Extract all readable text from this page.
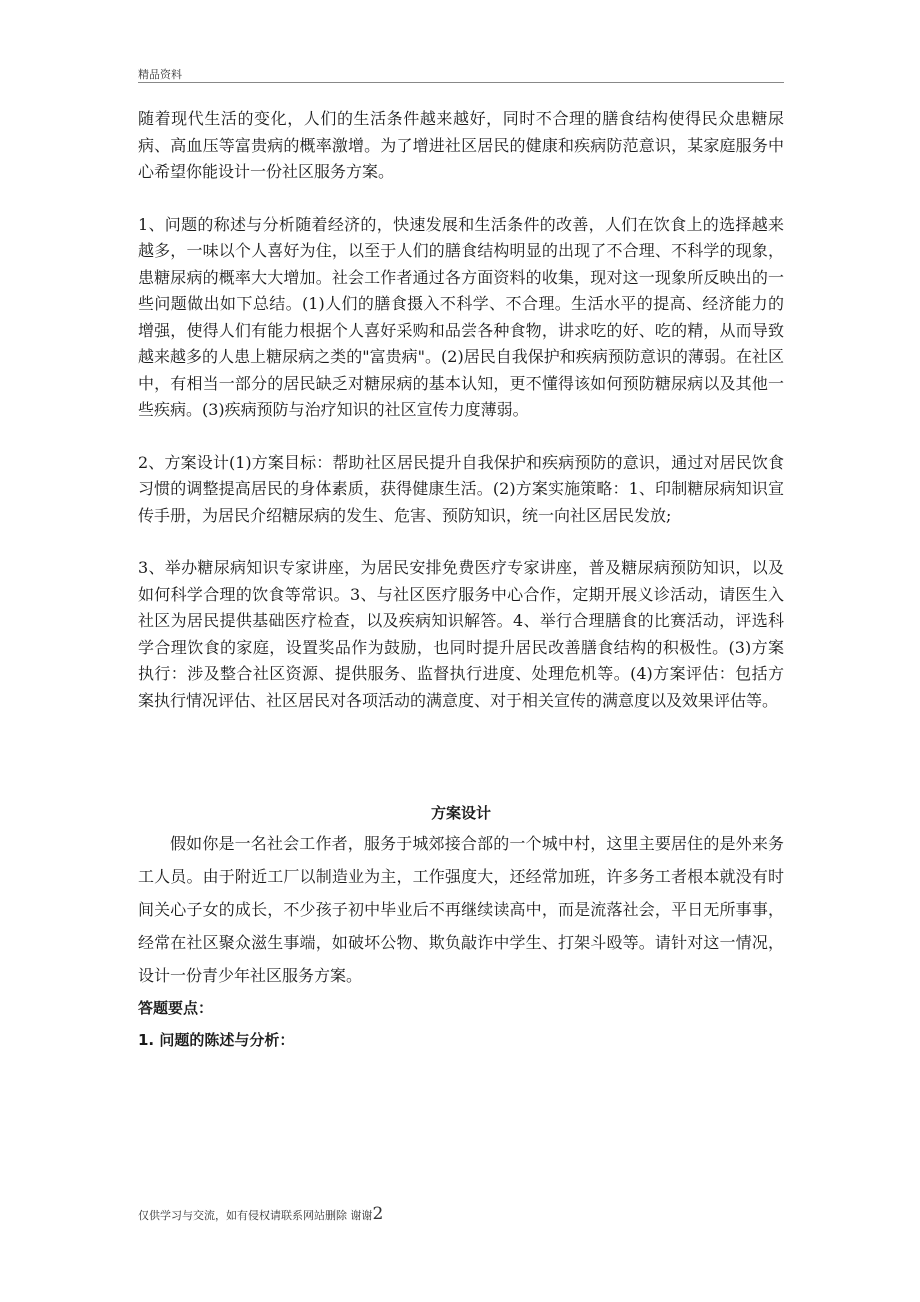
精品资料

随着现代生活的变化，人们的生活条件越来越好，同时不合理的膳食结构使得民众患糖尿病、高血压等富贵病的概率激增。为了增进社区居民的健康和疾病防范意识，某家庭服务中心希望你能设计一份社区服务方案。

1、问题的称述与分析随着经济的，快速发展和生活条件的改善，人们在饮食上的选择越来越多，一味以个人喜好为住，以至于人们的膳食结构明显的出现了不合理、不科学的现象，患糖尿病的概率大大增加。社会工作者通过各方面资料的收集，现对这一现象所反映出的一些问题做出如下总结。(1)人们的膳食摄入不科学、不合理。生活水平的提高、经济能力的增强，使得人们有能力根据个人喜好采购和品尝各种食物，讲求吃的好、吃的精，从而导致越来越多的人患上糖尿病之类的"富贵病"。(2)居民自我保护和疾病预防意识的薄弱。在社区中，有相当一部分的居民缺乏对糖尿病的基本认知，更不懂得该如何预防糖尿病以及其他一些疾病。(3)疾病预防与治疗知识的社区宣传力度薄弱。

2、方案设计(1)方案目标：帮助社区居民提升自我保护和疾病预防的意识，通过对居民饮食习惯的调整提高居民的身体素质，获得健康生活。(2)方案实施策略：1、印制糖尿病知识宣传手册，为居民介绍糖尿病的发生、危害、预防知识，统一向社区居民发放;

3、举办糖尿病知识专家讲座，为居民安排免费医疗专家讲座，普及糖尿病预防知识，以及如何科学合理的饮食等常识。3、与社区医疗服务中心合作，定期开展义诊活动，请医生入社区为居民提供基础医疗检查，以及疾病知识解答。4、举行合理膳食的比赛活动，评选科学合理饮食的家庭，设置奖品作为鼓励，也同时提升居民改善膳食结构的积极性。(3)方案执行：涉及整合社区资源、提供服务、监督执行进度、处理危机等。(4)方案评估：包括方案执行情况评估、社区居民对各项活动的满意度、对于相关宣传的满意度以及效果评估等。

方案设计

假如你是一名社会工作者，服务于城郊接合部的一个城中村，这里主要居住的是外来务工人员。由于附近工厂以制造业为主，工作强度大，还经常加班，许多务工者根本就没有时间关心子女的成长，不少孩子初中毕业后不再继续读高中，而是流落社会，平日无所事事，经常在社区聚众滋生事端，如破坏公物、欺负敲诈中学生、打架斗殴等。请针对这一情况，设计一份青少年社区服务方案。

答题要点：

1. 问题的陈述与分析：

仅供学习与交流，如有侵权请联系网站删除 谢谢2
